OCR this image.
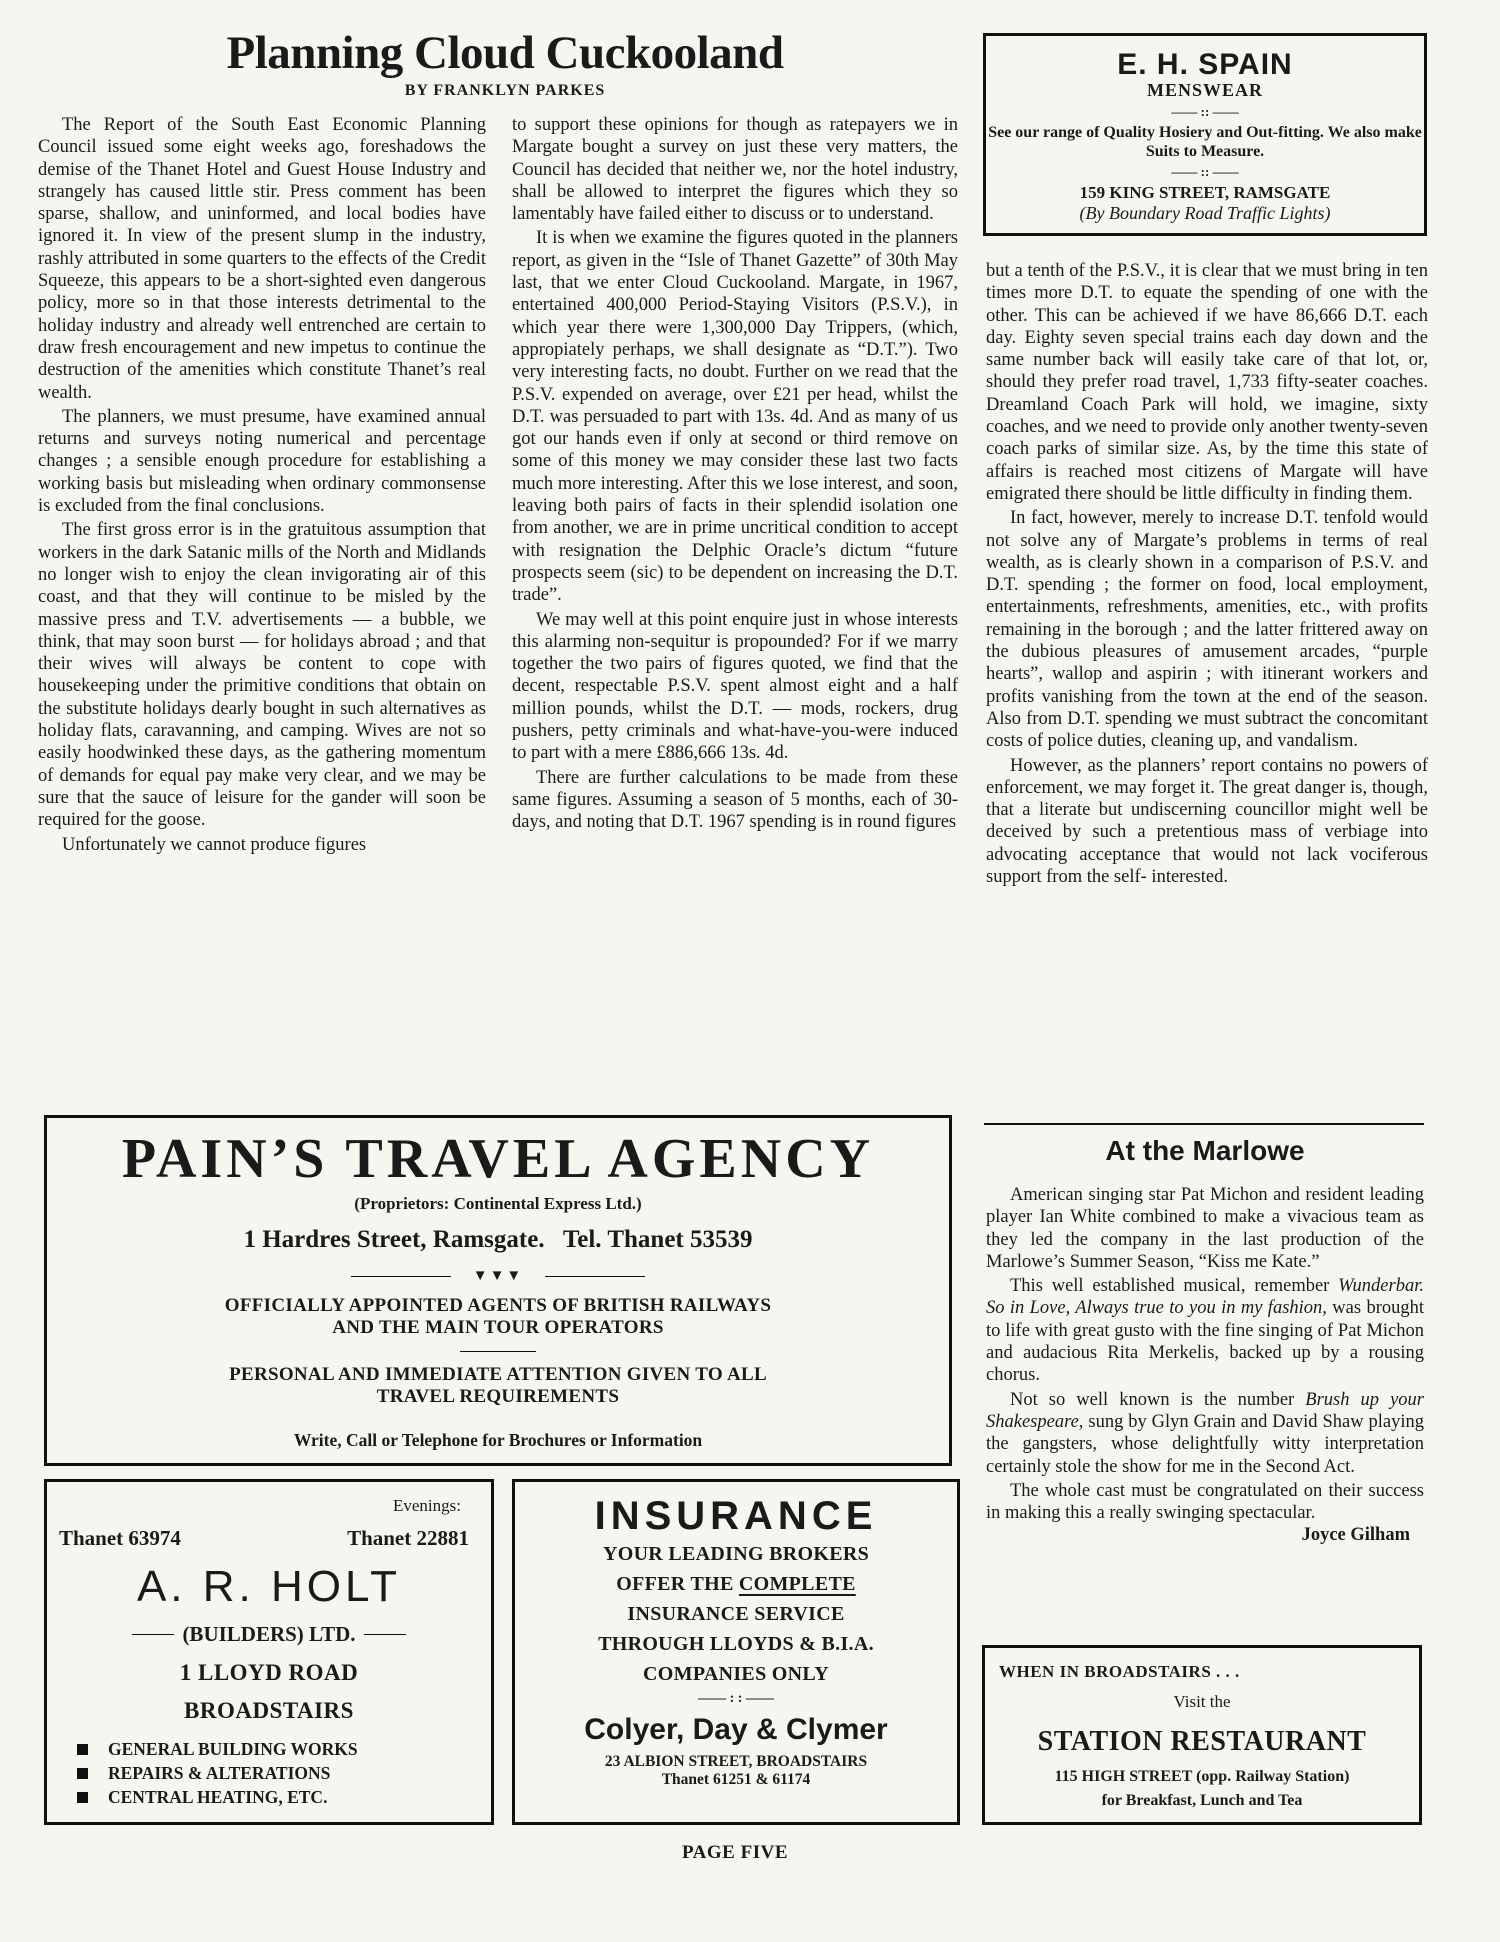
Planning Cloud Cuckooland
BY FRANKLYN PARKES

The Report of the South East Economic Planning Council issued some eight weeks ago, foreshadows the demise of the Thanet Hotel and Guest House Industry and strangely has caused little stir. Press comment has been sparse, shallow, and uninformed, and local bodies have ignored it. In view of the present slump in the industry, rashly attributed in some quarters to the effects of the Credit Squeeze, this appears to be a short-sighted even dangerous policy, more so in that those interests detrimental to the holiday industry and already well entrenched are certain to draw fresh encouragement and new impetus to continue the destruction of the amenities which constitute Thanet’s real wealth.

The planners, we must presume, have examined annual returns and surveys noting numerical and percentage changes ; a sensible enough procedure for establishing a working basis but misleading when ordinary commonsense is excluded from the final conclusions.

The first gross error is in the gratuitous assumption that workers in the dark Satanic mills of the North and Midlands no longer wish to enjoy the clean invigorating air of this coast, and that they will continue to be misled by the massive press and T.V. advertisements — a bubble, we think, that may soon burst — for holidays abroad ; and that their wives will always be content to cope with housekeeping under the primitive conditions that obtain on the substitute holidays dearly bought in such alternatives as holiday flats, caravanning, and camping. Wives are not so easily hoodwinked these days, as the gathering momentum of demands for equal pay make very clear, and we may be sure that the sauce of leisure for the gander will soon be required for the goose.

Unfortunately we cannot produce figures

to support these opinions for though as ratepayers we in Margate bought a survey on just these very matters, the Council has decided that neither we, nor the hotel industry, shall be allowed to interpret the figures which they so lamentably have failed either to discuss or to understand.

It is when we examine the figures quoted in the planners report, as given in the “Isle of Thanet Gazette” of 30th May last, that we enter Cloud Cuckooland. Margate, in 1967, entertained 400,000 Period-Staying Visitors (P.S.V.), in which year there were 1,300,000 Day Trippers, (which, appropiately perhaps, we shall designate as “D.T.”). Two very interesting facts, no doubt. Further on we read that the P.S.V. expended on average, over £21 per head, whilst the D.T. was persuaded to part with 13s. 4d. And as many of us got our hands even if only at second or third remove on some of this money we may consider these last two facts much more interesting. After this we lose interest, and soon, leaving both pairs of facts in their splendid isolation one from another, we are in prime uncritical condition to accept with resignation the Delphic Oracle’s dictum “future prospects seem (sic) to be dependent on increasing the D.T. trade”.

We may well at this point enquire just in whose interests this alarming non-sequitur is propounded? For if we marry together the two pairs of figures quoted, we find that the decent, respectable P.S.V. spent almost eight and a half million pounds, whilst the D.T. — mods, rockers, drug pushers, petty criminals and what-have-you-were induced to part with a mere £886,666 13s. 4d.

There are further calculations to be made from these same figures. Assuming a season of 5 months, each of 30-days, and noting that D.T. 1967 spending is in round figures

but a tenth of the P.S.V., it is clear that we must bring in ten times more D.T. to equate the spending of one with the other. This can be achieved if we have 86,666 D.T. each day. Eighty seven special trains each day down and the same number back will easily take care of that lot, or, should they prefer road travel, 1,733 fifty-seater coaches. Dreamland Coach Park will hold, we imagine, sixty coaches, and we need to provide only another twenty-seven coach parks of similar size. As, by the time this state of affairs is reached most citizens of Margate will have emigrated there should be little difficulty in finding them.

In fact, however, merely to increase D.T. tenfold would not solve any of Margate’s problems in terms of real wealth, as is clearly shown in a comparison of P.S.V. and D.T. spending ; the former on food, local employment, entertainments, refreshments, amenities, etc., with profits remaining in the borough ; and the latter frittered away on the dubious pleasures of amusement arcades, “purple hearts”, wallop and aspirin ; with itinerant workers and profits vanishing from the town at the end of the season. Also from D.T. spending we must subtract the concomitant costs of police duties, cleaning up, and vandalism.

However, as the planners’ report contains no powers of enforcement, we may forget it. The great danger is, though, that a literate but undiscerning councillor might well be deceived by such a pretentious mass of verbiage into advocating acceptance that would not lack vociferous support from the self- interested.

E. H. SPAIN
MENSWEAR
—— :: ——
See our range of Quality Hosiery and Out-fitting. We also make Suits to Measure.
—— :: ——
159 KING STREET, RAMSGATE
(By Boundary Road Traffic Lights)
PAIN’S TRAVEL AGENCY
(Proprietors: Continental Express Ltd.)
1 Hardres Street, Ramsgate.   Tel. Thanet 53539
▼▼▼
OFFICIALLY APPOINTED AGENTS OF BRITISH RAILWAYS AND THE MAIN TOUR OPERATORS
PERSONAL AND IMMEDIATE ATTENTION GIVEN TO ALL TRAVEL REQUIREMENTS
Write, Call or Telephone for Brochures or Information
At the Marlowe

American singing star Pat Michon and resident leading player Ian White combined to make a vivacious team as they led the company in the last production of the Marlowe’s Summer Season, “Kiss me Kate.”

This well established musical, remember Wunderbar. So in Love, Always true to you in my fashion, was brought to life with great gusto with the fine singing of Pat Michon and audacious Rita Merkelis, backed up by a rousing chorus.

Not so well known is the number Brush up your Shakespeare, sung by Glyn Grain and David Shaw playing the gangsters, whose delightfully witty interpretation certainly stole the show for me in the Second Act.

The whole cast must be congratulated on their success in making this a really swinging spectacular.
Joyce Gilham

Evenings:
Thanet 63974	Thanet 22881
A. R. HOLT
(BUILDERS) LTD.
1 LLOYD ROAD
BROADSTAIRS
GENERAL BUILDING WORKS
REPAIRS & ALTERATIONS
CENTRAL HEATING, ETC.
INSURANCE
YOUR LEADING BROKERS
OFFER THE COMPLETE
INSURANCE SERVICE
THROUGH LLOYDS & B.I.A.
COMPANIES ONLY
—— : : ——
Colyer, Day & Clymer
23 ALBION STREET, BROADSTAIRS
Thanet 61251 & 61174
WHEN IN BROADSTAIRS . . .
Visit the
STATION RESTAURANT
115 HIGH STREET (opp. Railway Station)
for Breakfast, Lunch and Tea
PAGE FIVE
